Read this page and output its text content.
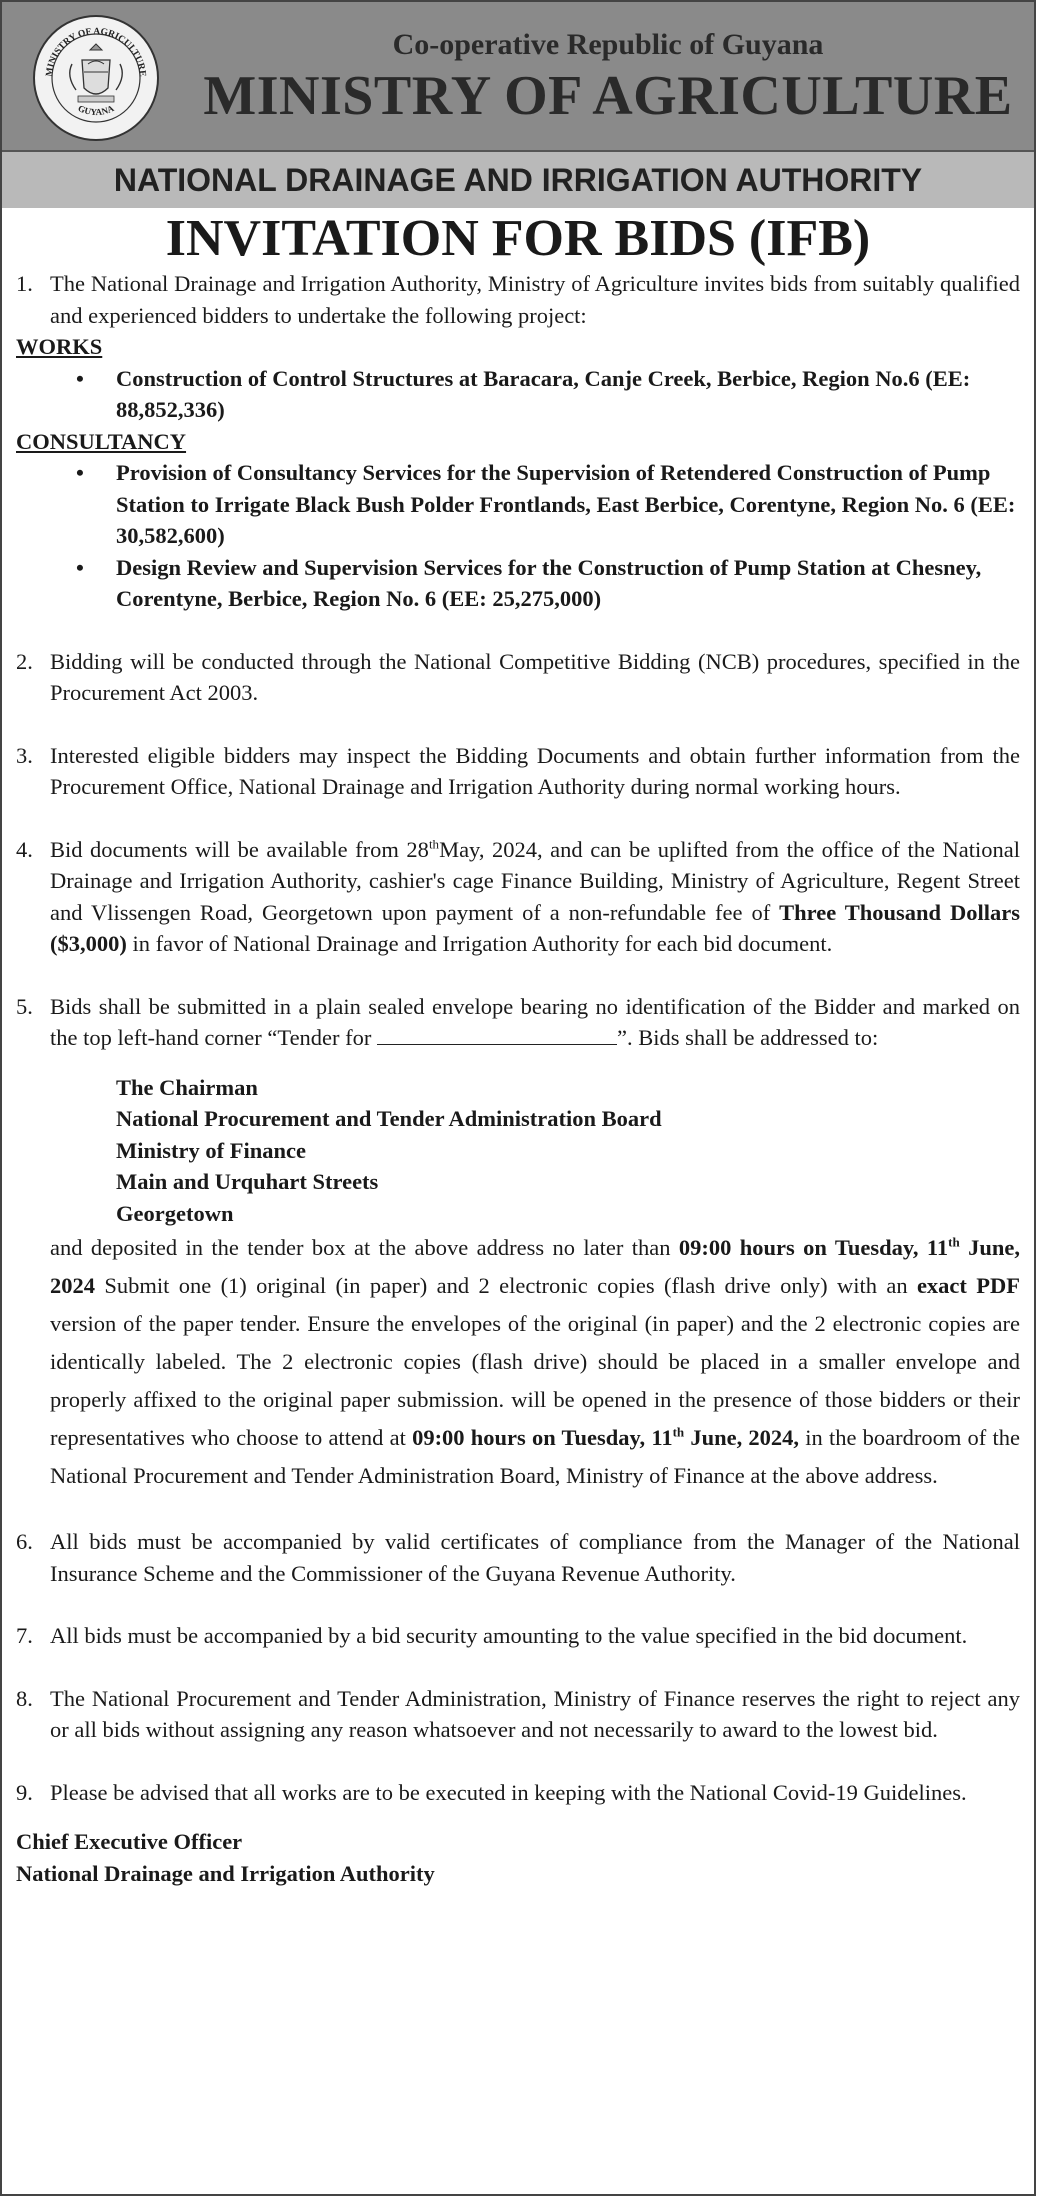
MINISTRY OF AGRICULTURE
GUYANA
Co-operative Republic of Guyana
MINISTRY OF AGRICULTURE
NATIONAL DRAINAGE AND IRRIGATION AUTHORITY
INVITATION FOR BIDS (IFB)
1. The National Drainage and Irrigation Authority, Ministry of Agriculture invites bids from suitably qualified and experienced bidders to undertake the following project:
WORKS
•	Construction of Control Structures at Baracara, Canje Creek, Berbice, Region No.6 (EE: 88,852,336)
CONSULTANCY
•	Provision of Consultancy Services for the Supervision of Retendered Construction of Pump Station to Irrigate Black Bush Polder Frontlands, East Berbice, Corentyne, Region No. 6 (EE: 30,582,600)
•	Design Review and Supervision Services for the Construction of Pump Station at Chesney, Corentyne, Berbice, Region No. 6 (EE: 25,275,000)
2. Bidding will be conducted through the National Competitive Bidding (NCB) procedures, specified in the Procurement Act 2003.
3. Interested eligible bidders may inspect the Bidding Documents and obtain further information from the Procurement Office, National Drainage and Irrigation Authority during normal working hours.
4. Bid documents will be available from 28thMay, 2024, and can be uplifted from the office of the National Drainage and Irrigation Authority, cashier's cage Finance Building, Ministry of Agriculture, Regent Street and Vlissengen Road, Georgetown upon payment of a non-refundable fee of Three Thousand Dollars ($3,000) in favor of National Drainage and Irrigation Authority for each bid document.
5. Bids shall be submitted in a plain sealed envelope bearing no identification of the Bidder and marked on the top left-hand corner “Tender for	”. Bids shall be addressed to:
The Chairman
National Procurement and Tender Administration Board
Ministry of Finance
Main and Urquhart Streets
Georgetown
and deposited in the tender box at the above address no later than 09:00 hours on Tuesday, 11th June, 2024 Submit one (1) original (in paper) and 2 electronic copies (flash drive only) with an exact PDF version of the paper tender. Ensure the envelopes of the original (in paper) and the 2 electronic copies are identically labeled. The 2 electronic copies (flash drive) should be placed in a smaller envelope and properly affixed to the original paper submission. will be opened in the presence of those bidders or their representatives who choose to attend at 09:00 hours on Tuesday, 11th June, 2024, in the boardroom of the National Procurement and Tender Administration Board, Ministry of Finance at the above address.
6. All bids must be accompanied by valid certificates of compliance from the Manager of the National Insurance Scheme and the Commissioner of the Guyana Revenue Authority.
7. All bids must be accompanied by a bid security amounting to the value specified in the bid document.
8. The National Procurement and Tender Administration, Ministry of Finance reserves the right to reject any or all bids without assigning any reason whatsoever and not necessarily to award to the lowest bid.
9. Please be advised that all works are to be executed in keeping with the National Covid-19 Guidelines.
Chief Executive Officer
National Drainage and Irrigation Authority
